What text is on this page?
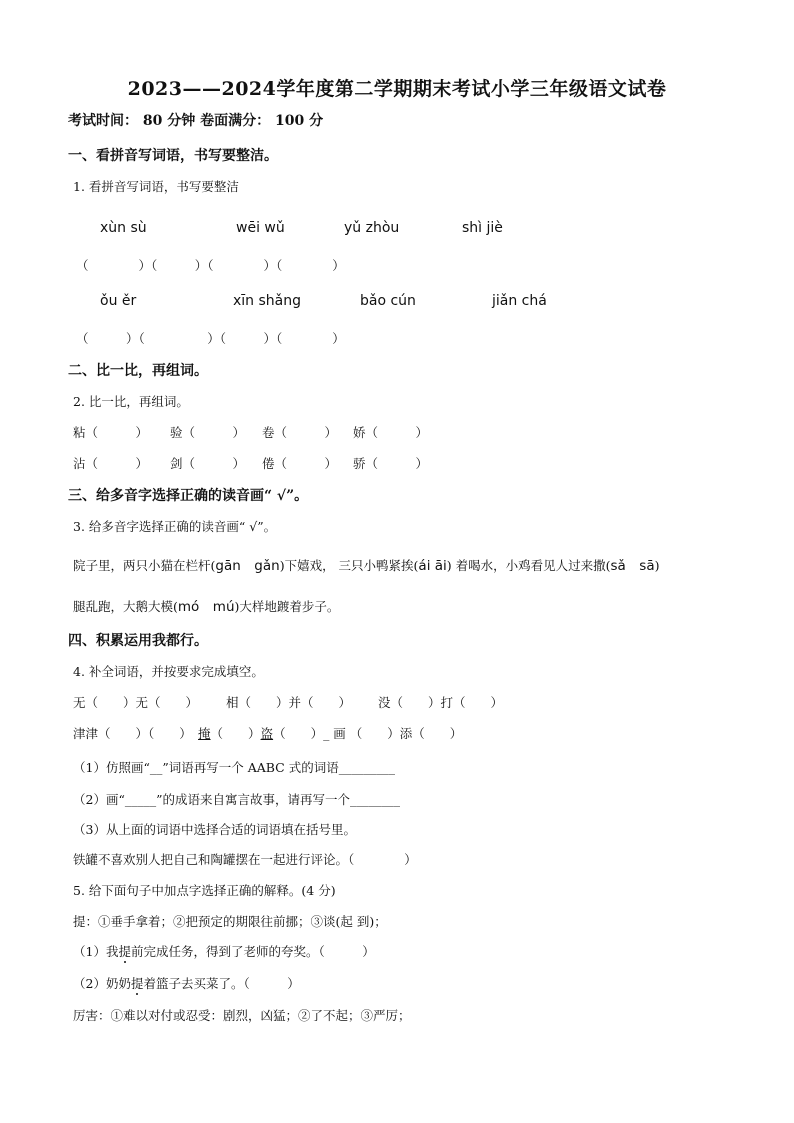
2023——2024学年度第二学期期末考试小学三年级语文试卷
考试时间： 80 分钟 卷面满分： 100 分
一、看拼音写词语，书写要整洁。
1. 看拼音写词语，书写要整洁
xùn sù	wēi wǔ	yǔ zhòu	shì jiè
（　　　　）（　　　）（　　　　）（　　　　）
ǒu ěr	xīn shǎng	bǎo cún	jiǎn chá
（　　　）（　　　　　）（　　　）（　　　　）
二、比一比，再组词。
2. 比一比，再组词。
粘（　　　） 验（　　　） 卷（　　　） 娇（　　　）
沾（　　　） 剑（　　　） 倦（　　　） 骄（　　　）
三、给多音字选择正确的读音画“ √”。
3. 给多音字选择正确的读音画“ √”。
院子里，两只小猫在栏杆(gān　gǎn)下嬉戏， 三只小鸭紧挨(ái āi) 着喝水，小鸡看见人过来撒(sǎ　sā)
腿乱跑，大鹅大模(mó　mú)大样地踱着步子。
四、积累运用我都行。
4. 补全词语，并按要求完成填空。
无（　　）无（　　） 相（　　）并（　　） 没（　　）打（　　）
津津（　　）（　　）　 掩（　　）盗（　　）_ 画 （　　）添（　　）
（1）仿照画“__”词语再写一个 AABC 式的词语_________
（2）画“_____”的成语来自寓言故事，请再写一个________
（3）从上面的词语中选择合适的词语填在括号里。
铁罐不喜欢别人把自己和陶罐摆在一起进行评论。（　　　　）
5. 给下面句子中加点字选择正确的解释。(4 分)
提：①垂手拿着；②把预定的期限往前挪；③谈(起 到)；
（1）我提前完成任务，得到了老师的夸奖。（　　　）
（2）奶奶提着篮子去买菜了。（　　　）
厉害：①难以对付或忍受：剧烈，凶猛；②了不起；③严厉；
